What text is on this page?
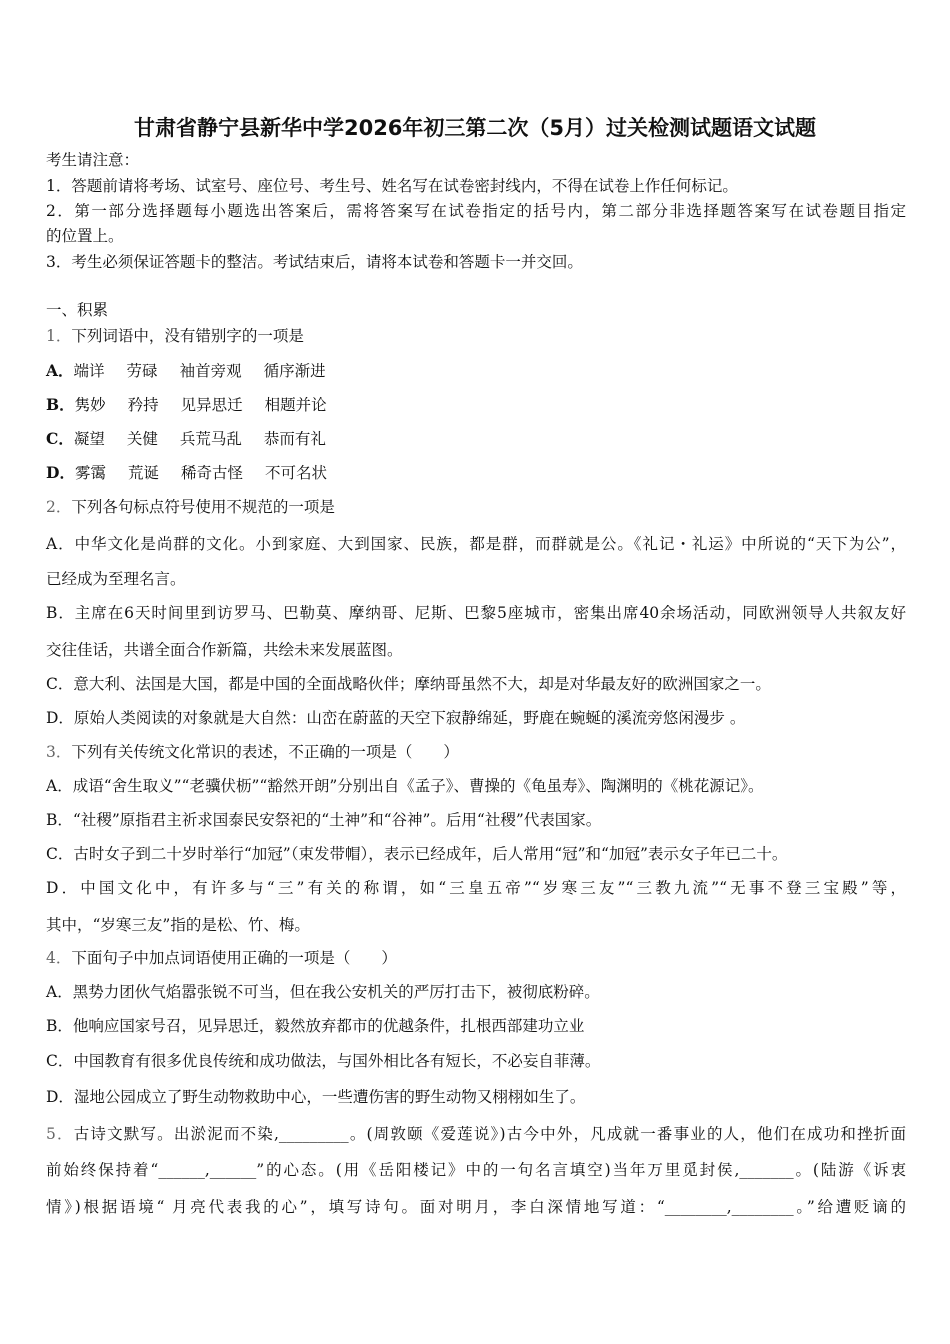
甘肃省静宁县新华中学2026年初三第二次（5月）过关检测试题语文试题
考生请注意：
1．答题前请将考场、试室号、座位号、考生号、姓名写在试卷密封线内，不得在试卷上作任何标记。
2．第一部分选择题每小题选出答案后，需将答案写在试卷指定的括号内，第二部分非选择题答案写在试卷题目指定
的位置上。
3．考生必须保证答题卡的整洁。考试结束后，请将本试卷和答题卡一并交回。
一、积累
1．下列词语中，没有错别字的一项是
A．端详 劳碌 袖首旁观 循序渐进
B．隽妙 矜持 见异思迁 相题并论
C．凝望 关健 兵荒马乱 恭而有礼
D．雾霭 荒诞 稀奇古怪 不可名状
2．下列各句标点符号使用不规范的一项是
A．中华文化是尚群的文化。小到家庭、大到国家、民族，都是群，而群就是公。《礼记・礼运》中所说的“天下为公”，
已经成为至理名言。
B．主席在6天时间里到访罗马、巴勒莫、摩纳哥、尼斯、巴黎5座城市，密集出席40余场活动，同欧洲领导人共叙友好
交往佳话，共谱全面合作新篇，共绘未来发展蓝图。
C．意大利、法国是大国，都是中国的全面战略伙伴；摩纳哥虽然不大，却是对华最友好的欧洲国家之一。
D．原始人类阅读的对象就是大自然：山峦在蔚蓝的天空下寂静绵延，野鹿在蜿蜒的溪流旁悠闲漫步 。
3．下列有关传统文化常识的表述，不正确的一项是（　　）
A．成语“舍生取义”“老骥伏枥”“豁然开朗”分别出自《孟子》、曹操的《龟虽寿》、陶渊明的《桃花源记》。
B．“社稷”原指君主祈求国泰民安祭祀的“土神”和“谷神”。后用“社稷”代表国家。
C．古时女子到二十岁时举行“加冠”（束发带帽），表示已经成年，后人常用“冠”和“加冠”表示女子年已二十。
D．中国文化中，有许多与“三”有关的称谓，如“三皇五帝”“岁寒三友”“三教九流”“无事不登三宝殿”等，
其中，“岁寒三友”指的是松、竹、梅。
4．下面句子中加点词语使用正确的一项是（　　）
A．黑势力团伙气焰嚣张锐不可当，但在我公安机关的严厉打击下，被彻底粉碎。
B．他响应国家号召，见异思迁，毅然放弃都市的优越条件，扎根西部建功立业
C．中国教育有很多优良传统和成功做法，与国外相比各有短长，不必妄自菲薄。
D．湿地公园成立了野生动物救助中心，一些遭伤害的野生动物又栩栩如生了。
5．古诗文默写。出淤泥而不染,_________。(周敦颐《爱莲说》)古今中外，凡成就一番事业的人，他们在成功和挫折面
前始终保持着“______,______”的心态。(用《岳阳楼记》中的一句名言填空)当年万里觅封侯,_______。(陆游《诉衷
情》)根据语境“ 月亮代表我的心”，填写诗句。面对明月，李白深情地写道：“________,________。”给遭贬谪的
